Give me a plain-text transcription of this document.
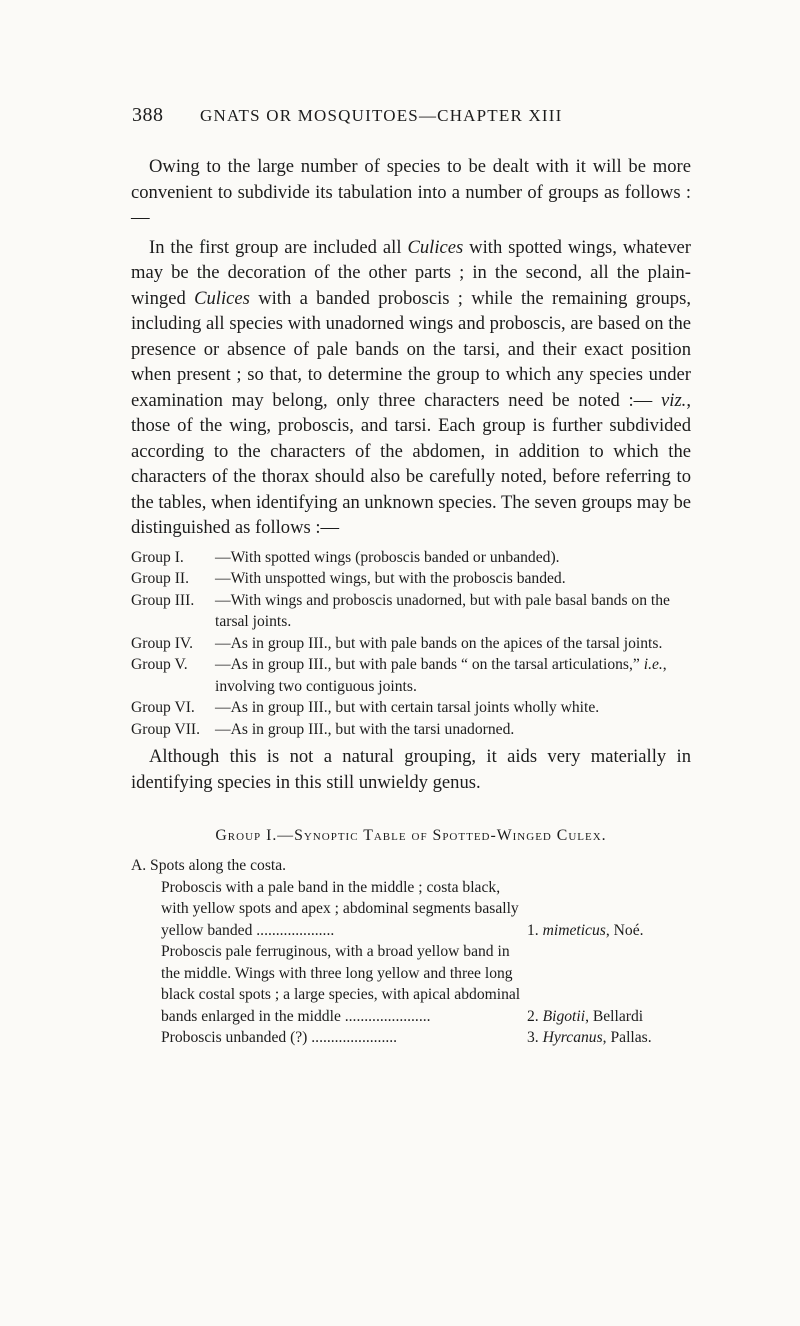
388 GNATS OR MOSQUITOES—CHAPTER XIII

Owing to the large number of species to be dealt with it will be more convenient to subdivide its tabulation into a number of groups as follows :—

In the first group are included all Culices with spotted wings, whatever may be the decoration of the other parts ; in the second, all the plain-winged Culices with a banded proboscis ; while the remaining groups, including all species with unadorned wings and proboscis, are based on the presence or absence of pale bands on the tarsi, and their exact position when present ; so that, to determine the group to which any species under examination may belong, only three characters need be noted :— viz., those of the wing, proboscis, and tarsi. Each group is further subdivided according to the characters of the abdomen, in addition to which the characters of the thorax should also be carefully noted, before referring to the tables, when identifying an unknown species. The seven groups may be distinguished as follows :—

Group I.	—With spotted wings (proboscis banded or unbanded).
Group II.	—With unspotted wings, but with the proboscis banded.
Group III.	—With wings and proboscis unadorned, but with pale basal bands on the tarsal joints.
Group IV.	—As in group III., but with pale bands on the apices of the tarsal joints.
Group V.	—As in group III., but with pale bands “ on the tarsal articulations,” i.e., involving two contiguous joints.
Group VI.	—As in group III., but with certain tarsal joints wholly white.
Group VII. —As in group III., but with the tarsi unadorned.

Although this is not a natural grouping, it aids very materially in identifying species in this still unwieldy genus.

Group I.—Synoptic Table of Spotted-Winged Culex.
A. Spots along the costa.
Proboscis with a pale band in the middle ; costa black, with yellow spots and apex ; abdominal segments basally yellow banded ....................	1. mimeticus, Noé.
Proboscis pale ferruginous, with a broad yellow band in the middle. Wings with three long yellow and three long black costal spots ; a large species, with apical abdominal bands enlarged in the middle ......................	2. Bigotii, Bellardi
Proboscis unbanded (?) ......................	3. Hyrcanus, Pallas.
